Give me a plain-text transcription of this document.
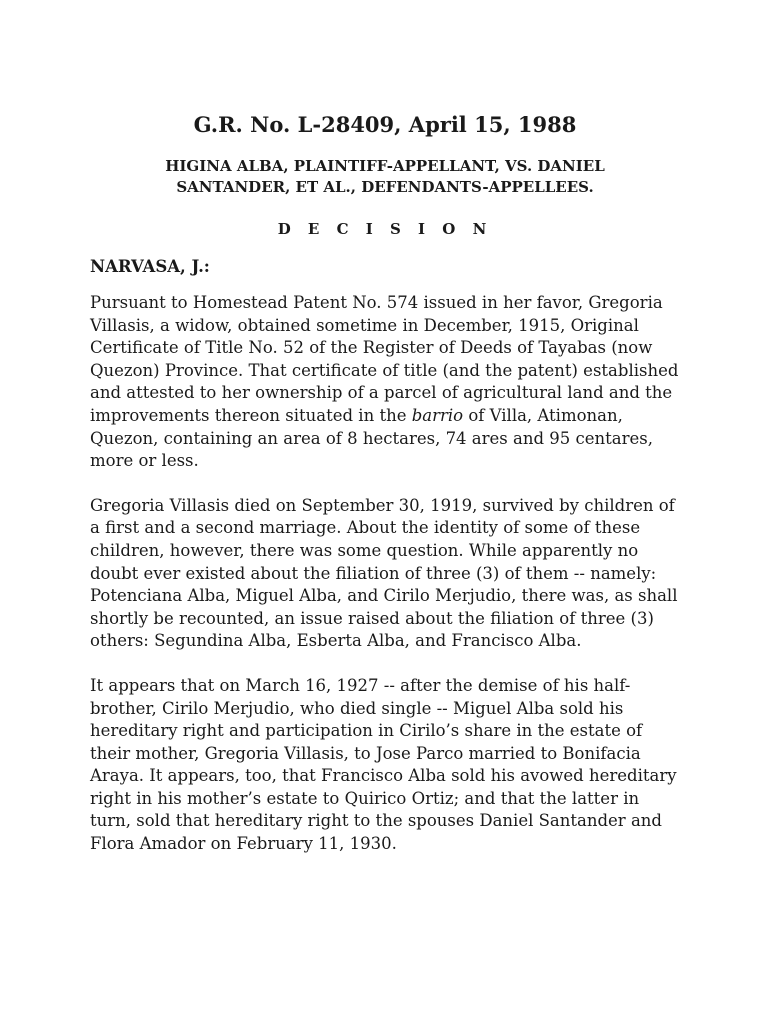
G.R. No. L-28409, April 15, 1988
HIGINA ALBA, PLAINTIFF-APPELLANT, VS. DANIEL
SANTANDER, ET AL., DEFENDANTS-APPELLEES.
D E C I S I O N
NARVASA, J.:

Pursuant to Homestead Patent No. 574 issued in her favor, Gregoria Villasis, a widow, obtained sometime in December, 1915, Original Certificate of Title No. 52 of the Register of Deeds of Tayabas (now Quezon) Province. That certificate of title (and the patent) established and attested to her ownership of a parcel of agricultural land and the improvements thereon situated in the barrio of Villa, Atimonan, Quezon, containing an area of 8 hectares, 74 ares and 95 centares, more or less.

Gregoria Villasis died on September 30, 1919, survived by children of a first and a second marriage. About the identity of some of these children, however, there was some question. While apparently no doubt ever existed about the filiation of three (3) of them -- namely: Potenciana Alba, Miguel Alba, and Cirilo Merjudio, there was, as shall shortly be recounted, an issue raised about the filiation of three (3) others: Segundina Alba, Esberta Alba, and Francisco Alba.

It appears that on March 16, 1927 -- after the demise of his half-brother, Cirilo Merjudio, who died single -- Miguel Alba sold his hereditary right and participation in Cirilo’s share in the estate of their mother, Gregoria Villasis, to Jose Parco married to Bonifacia Araya. It appears, too, that Francisco Alba sold his avowed hereditary right in his mother’s estate to Quirico Ortiz; and that the latter in turn, sold that hereditary right to the spouses Daniel Santander and Flora Amador on February 11, 1930.
